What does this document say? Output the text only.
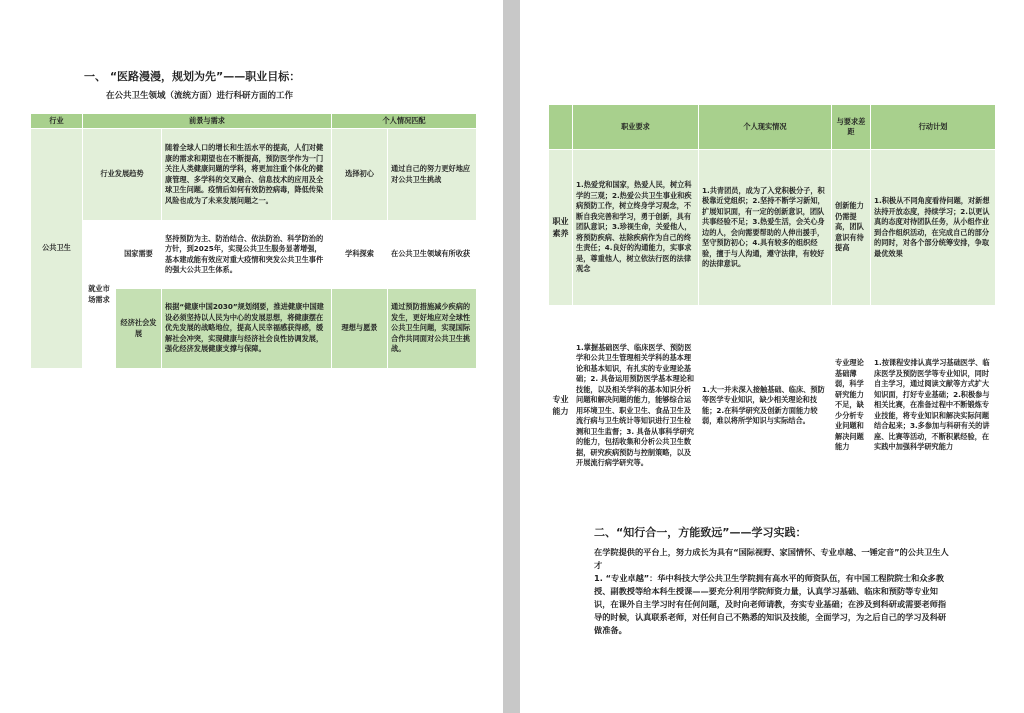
一、 “医路漫漫，规划为先”——职业目标：
在公共卫生领域（流统方面）进行科研方面的工作
行业	前景与需求			个人情况匹配	
公共卫生	行业发展趋势		随着全球人口的增长和生活水平的提高，人们对健康的需求和期望也在不断提高，预防医学作为一门关注人类健康问题的学科，将更加注重个体化的健康管理、多学科的交叉融合、信息技术的应用及全球卫生问题。疫情后如何有效防控病毒，降低传染风险也成为了未来发展问题之一。	选择初心	通过自己的努力更好地应对公共卫生挑战
	就业市场需求	国家需要	坚持预防为主、防治结合、依法防治、科学防治的方针，到2025年，实现公共卫生服务显著增强，基本建成能有效应对重大疫情和突发公共卫生事件的强大公共卫生体系。	学科探索	在公共卫生领域有所收获
		经济社会发展	根据“健康中国2030”规划纲要，推进健康中国建设必须坚持以人民为中心的发展思想，将健康摆在优先发展的战略地位，提高人民幸福感获得感，缓解社会冲突，实现健康与经济社会良性协调发展，强化经济发展健康支撑与保障。	理想与愿景	通过预防措施减少疾病的发生，更好地应对全球性公共卫生问题，实现国际合作共同面对公共卫生挑战。
	职业要求	个人现实情况	与要求差距	行动计划
职业素养	1.热爱党和国家，热爱人民，树立科学的三观；2.热爱公共卫生事业和疾病预防工作，树立终身学习观念，不断自我完善和学习，勇于创新，具有团队意识；3.珍视生命，关爱他人，将预防疾病、祛除疾病作为自己的终生责任；4.良好的沟通能力，实事求是，尊重他人，树立依法行医的法律观念	1.共青团员，成为了入党积极分子，积极靠近党组织；2.坚持不断学习新知，扩展知识面，有一定的创新意识，团队共事经验不足；3.热爱生活，会关心身边的人，会向需要帮助的人伸出援手，坚守预防初心；4.具有较多的组织经验，擅于与人沟通，遵守法律，有较好的法律意识。	创新能力仍需提高，团队意识有待提高	1.积极从不同角度看待问题，对新想法持开放态度，持续学习；2.以更认真的态度对待团队任务，从小组作业到合作组织活动，在完成自己的部分的同时，对各个部分统筹安排，争取最优效果
专业能力	1.掌握基础医学、临床医学、预防医学和公共卫生管理相关学科的基本理论和基本知识，有扎实的专业理论基础；2. 具备运用预防医学基本理论和技能，以及相关学科的基本知识分析问题和解决问题的能力，能够综合运用环境卫生、职业卫生、食品卫生及流行病与卫生统计等知识进行卫生检测和卫生监督；3. 具备从事科学研究的能力，包括收集和分析公共卫生数据，研究疾病预防与控制策略，以及开展流行病学研究等。	1.大一并未深入接触基础、临床、预防等医学专业知识，缺少相关理论和技能；2.在科学研究及创新方面能力较弱，难以将所学知识与实际结合。	专业理论基础薄弱，科学研究能力不足，缺少分析专业问题和解决问题能力	1.按课程安排认真学习基础医学、临床医学及预防医学等专业知识，同时自主学习，通过阅读文献等方式扩大知识面，打好专业基础；2.积极参与相关比赛，在准备过程中不断锻炼专业技能，将专业知识和解决实际问题结合起来；3.多参加与科研有关的讲座、比赛等活动，不断积累经验，在实践中加强科学研究能力
二、“知行合一，方能致远”——学习实践：
在学院提供的平台上，努力成长为具有“国际视野、家国情怀、专业卓越、一锤定音”的公共卫生人才
1. “专业卓越”：华中科技大学公共卫生学院拥有高水平的师资队伍，有中国工程院院士和众多教授、副教授等给本科生授课——要充分利用学院师资力量，认真学习基础、临床和预防等专业知识，在课外自主学习时有任何问题，及时向老师请教，夯实专业基础；在涉及到科研或需要老师指导的时候，认真联系老师，对任何自己不熟悉的知识及技能，全面学习，为之后自己的学习及科研做准备。
